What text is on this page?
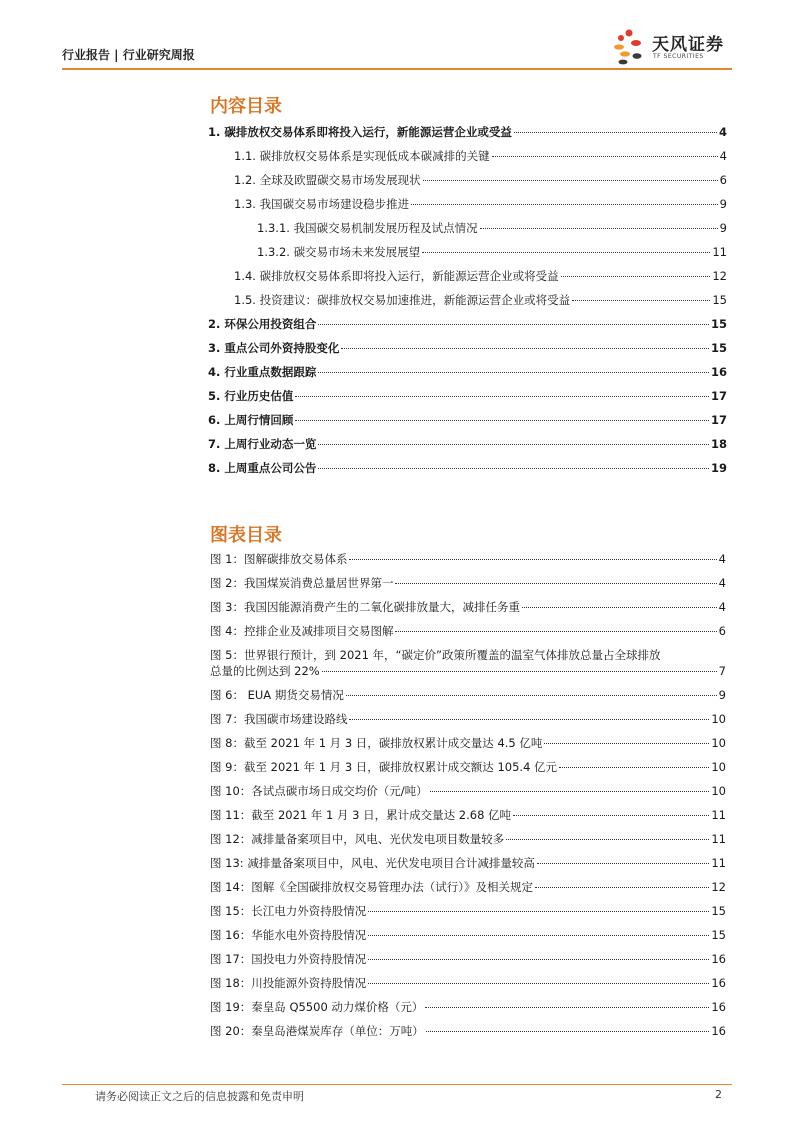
行业报告 | 行业研究周报	天风证券
TF SECURITIES
内容目录
1. 碳排放权交易体系即将投入运行，新能源运营企业或受益	4
1.1. 碳排放权交易体系是实现低成本碳减排的关键	4
1.2. 全球及欧盟碳交易市场发展现状	6
1.3. 我国碳交易市场建设稳步推进	9
1.3.1. 我国碳交易机制发展历程及试点情况	9
1.3.2. 碳交易市场未来发展展望	11
1.4. 碳排放权交易体系即将投入运行，新能源运营企业或将受益	12
1.5. 投资建议：碳排放权交易加速推进，新能源运营企业或将受益	15
2. 环保公用投资组合	15
3. 重点公司外资持股变化	15
4. 行业重点数据跟踪	16
5. 行业历史估值	17
6. 上周行情回顾	17
7. 上周行业动态一览	18
8. 上周重点公司公告	19
图表目录
图 1：图解碳排放交易体系	4
图 2：我国煤炭消费总量居世界第一	4
图 3：我国因能源消费产生的二氧化碳排放量大，减排任务重	4
图 4：控排企业及减排项目交易图解	6
图 5：世界银行预计，到 2021 年，“碳定价”政策所覆盖的温室气体排放总量占全球排放
总量的比例达到 22%	7
图 6： EUA 期货交易情况	9
图 7：我国碳市场建设路线	10
图 8：截至 2021 年 1 月 3 日，碳排放权累计成交量达 4.5 亿吨	10
图 9：截至 2021 年 1 月 3 日，碳排放权累计成交额达 105.4 亿元	10
图 10：各试点碳市场日成交均价（元/吨）	10
图 11：截至 2021 年 1 月 3 日，累计成交量达 2.68 亿吨	11
图 12：减排量备案项目中，风电、光伏发电项目数量较多	11
图 13: 减排量备案项目中，风电、光伏发电项目合计减排量较高	11
图 14：图解《全国碳排放权交易管理办法（试行）》及相关规定	12
图 15：长江电力外资持股情况	15
图 16：华能水电外资持股情况	15
图 17：国投电力外资持股情况	16
图 18：川投能源外资持股情况	16
图 19：秦皇岛 Q5500 动力煤价格（元）	16
图 20：秦皇岛港煤炭库存（单位：万吨）	16
请务必阅读正文之后的信息披露和免责申明	2
